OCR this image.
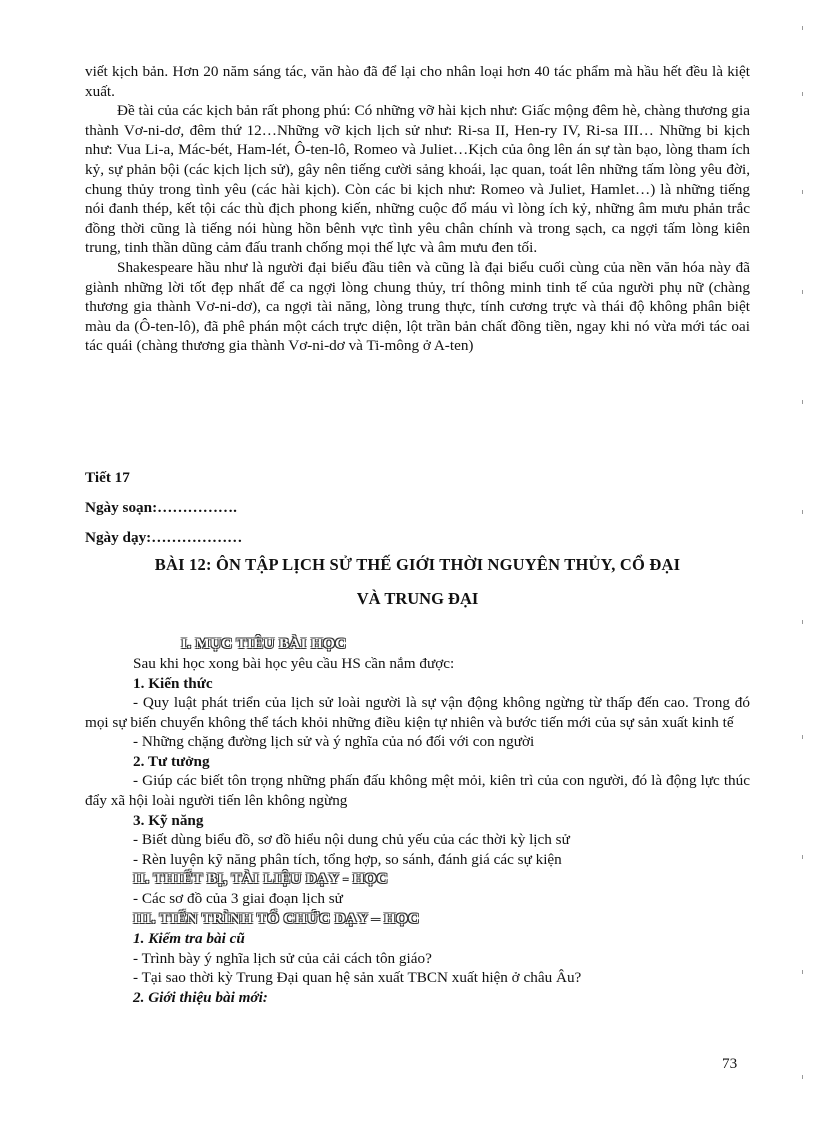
viết kịch bản. Hơn 20 năm sáng tác, văn hào đã để lại cho nhân loại hơn 40 tác phẩm mà hầu hết đều là kiệt xuất.

Đề tài của các kịch bản rất phong phú: Có những vỡ hài kịch như: Giấc mộng đêm hè, chàng thương gia thành Vơ-ni-dơ, đêm thứ 12…Những vỡ kịch lịch sử như: Ri-sa II, Hen-ry IV, Ri-sa III… Những bi kịch như: Vua Li-a, Mác-bét, Ham-lét, Ô-ten-lô, Romeo và Juliet…Kịch của ông lên án sự tàn bạo, lòng tham ích kỷ, sự phản bội (các kịch lịch sử), gây nên tiếng cười sảng khoái, lạc quan, toát lên những tấm lòng yêu đời, chung thủy trong tình yêu (các hài kịch). Còn các bi kịch như: Romeo và Juliet, Hamlet…) là những tiếng nói đanh thép, kết tội các thù địch phong kiến, những cuộc đổ máu vì lòng ích kỷ, những âm mưu phản trắc đồng thời cũng là tiếng nói hùng hồn bênh vực tình yêu chân chính và trong sạch, ca ngợi tấm lòng kiên trung, tinh thần dũng cảm đấu tranh chống mọi thế lực và âm mưu đen tối.

Shakespeare hầu như là người đại biểu đầu tiên và cũng là đại biểu cuối cùng của nền văn hóa này đã giành những lời tốt đẹp nhất để ca ngợi lòng chung thủy, trí thông minh tinh tế của người phụ nữ (chàng thương gia thành Vơ-ni-dơ), ca ngợi tài năng, lòng trung thực, tính cương trực và thái độ không phân biệt màu da (Ô-ten-lô), đã phê phán một cách trực diện, lột trần bản chất đồng tiền, ngay khi nó vừa mới tác oai tác quái (chàng thương gia thành Vơ-ni-dơ và Ti-mông ở A-ten)

Tiết 17

Ngày soạn:…………….

Ngày dạy:………………

BÀI 12: ÔN TẬP LỊCH SỬ THẾ GIỚI THỜI NGUYÊN THỦY, CỔ ĐẠI

VÀ TRUNG ĐẠI

I. MỤC TIÊU BÀI HỌC

Sau khi học xong bài học yêu cầu HS cần nắm được:

1. Kiến thức

- Quy luật phát triển của lịch sử loài người là sự vận động không ngừng từ thấp đến cao. Trong đó mọi sự biến chuyển không thể tách khỏi những điều kiện tự nhiên và bước tiến mới của sự sản xuất kinh tế

- Những chặng đường lịch sử và ý nghĩa của nó đối với con người

2. Tư tưởng

- Giúp các biết tôn trọng những phấn đấu không mệt mỏi, kiên trì của con người, đó là động lực thúc đẩy xã hội loài người tiến lên không ngừng

3. Kỹ năng

- Biết dùng biểu đồ, sơ đồ hiểu nội dung chủ yếu của các thời kỳ lịch sử

- Rèn luyện kỹ năng phân tích, tổng hợp, so sánh, đánh giá các sự kiện

II. THIẾT BỊ, TÀI LIỆU DẠY - HỌC

- Các sơ đồ của 3 giai đoạn lịch sử

III. TIẾN TRÌNH TỔ CHỨC DẠY – HỌC

1. Kiểm tra bài cũ

- Trình bày ý nghĩa lịch sử của cải cách tôn giáo?

- Tại sao thời kỳ Trung Đại quan hệ sản xuất TBCN xuất hiện ở châu Âu?

2. Giới thiệu bài mới:

73
